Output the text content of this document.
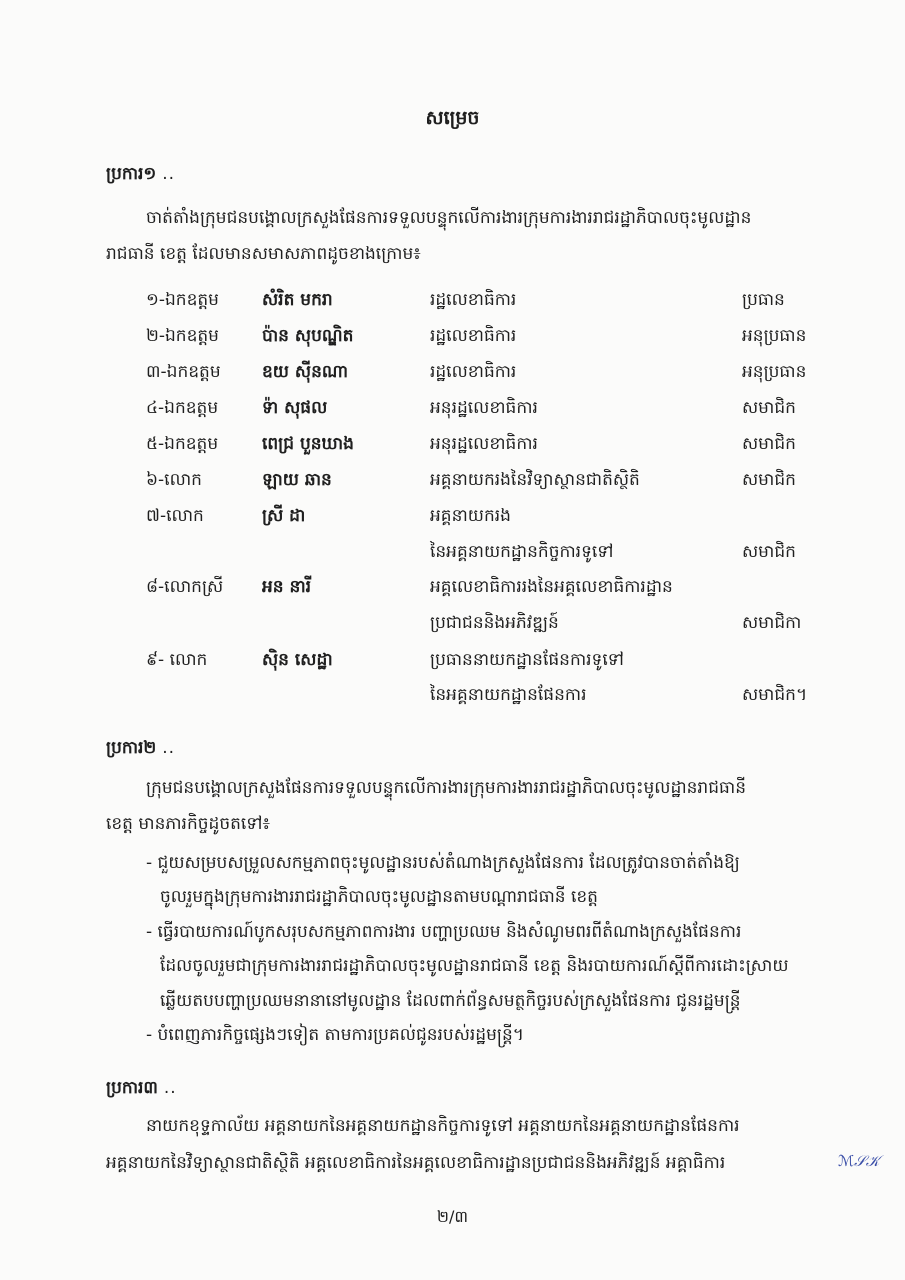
សម្រេច
ប្រការ១ ..
ចាត់តាំងក្រុមជនបង្គោលក្រសួងផែនការទទួលបន្ទុកលើការងារក្រុមការងាររាជរដ្ឋាភិបាលចុះមូលដ្ឋាន
រាជធានី ខេត្ត ដែលមានសមាសភាពដូចខាងក្រោម៖
១-ឯកឧត្តម	សំរិត មករា	រដ្ឋលេខាធិការ	ប្រធាន
២-ឯកឧត្តម	ប៉ាន សុបណ្ឌិត	រដ្ឋលេខាធិការ	អនុប្រធាន
៣-ឯកឧត្តម ឧយ ស៊ីនណា	រដ្ឋលេខាធិការ	អនុប្រធាន
៤-ឯកឧត្តម	ទ៉ា សុផល	អនុរដ្ឋលេខាធិការ	សមាជិក
៥-ឯកឧត្តម	ពេជ្រ បួនឃាង	អនុរដ្ឋលេខាធិការ	សមាជិក
៦-លោក	ឡាយ ឆាន	អគ្គនាយករងនៃវិទ្យាស្ថានជាតិស្ថិតិ	សមាជិក
៧-លោក	ស្រី ដា	អគ្គនាយករង
នៃអគ្គនាយកដ្ឋានកិច្ចការទូទៅ	សមាជិក
៨-លោកស្រី អន នារី	អគ្គលេខាធិការរងនៃអគ្គលេខាធិការដ្ឋាន
ប្រជាជននិងអភិវឌ្ឍន៍	សមាជិកា
៩- លោក	ស៊ិន សេដ្ឋា	ប្រធាននាយកដ្ឋានផែនការទូទៅ
នៃអគ្គនាយកដ្ឋានផែនការ	សមាជិក។
ប្រការ២ ..
ក្រុមជនបង្គោលក្រសួងផែនការទទួលបន្ទុកលើការងារក្រុមការងាររាជរដ្ឋាភិបាលចុះមូលដ្ឋានរាជធានី
ខេត្ត មានភារកិច្ចដូចតទៅ៖
- ជួយសម្របសម្រួលសកម្មភាពចុះមូលដ្ឋានរបស់តំណាងក្រសួងផែនការ ដែលត្រូវបានចាត់តាំងឱ្យ
ចូលរួមក្នុងក្រុមការងាររាជរដ្ឋាភិបាលចុះមូលដ្ឋានតាមបណ្តារាជធានី ខេត្ត
- ធ្វើរបាយការណ៍បូកសរុបសកម្មភាពការងារ បញ្ហាប្រឈម និងសំណូមពរពីតំណាងក្រសួងផែនការ
ដែលចូលរួមជាក្រុមការងាររាជរដ្ឋាភិបាលចុះមូលដ្ឋានរាជធានី ខេត្ត និងរបាយការណ៍ស្តីពីការដោះស្រាយ
ឆ្លើយតបបញ្ហាប្រឈមនានានៅមូលដ្ឋាន ដែលពាក់ព័ន្ធសមត្ថកិច្ចរបស់ក្រសួងផែនការ ជូនរដ្ឋមន្ត្រី
- បំពេញភារកិច្ចផ្សេងៗទៀត តាមការប្រគល់ជូនរបស់រដ្ឋមន្ត្រី។
ប្រការ៣ ..
នាយកខុទ្ទកាល័យ អគ្គនាយកនៃអគ្គនាយកដ្ឋានកិច្ចការទូទៅ អគ្គនាយកនៃអគ្គនាយកដ្ឋានផែនការ
អគ្គនាយកនៃវិទ្យាស្ថានជាតិស្ថិតិ អគ្គលេខាធិការនៃអគ្គលេខាធិការដ្ឋានប្រជាជននិងអភិវឌ្ឍន៍ អគ្គាធិការ	ℳ𝒮𝒦
២/៣
